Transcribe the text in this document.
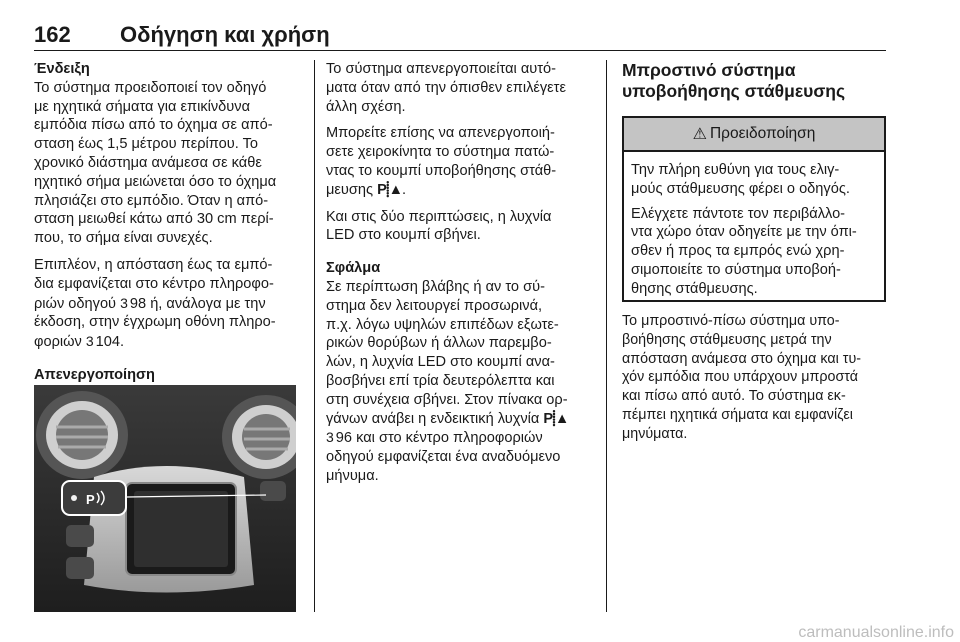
162 Οδήγηση και χρήση

Ένδειξη

Το σύστημα προειδοποιεί τον οδηγό

με ηχητικά σήματα για επικίνδυνα

εμπόδια πίσω από το όχημα σε από-

σταση έως 1,5 μέτρου περίπου. Το

χρονικό διάστημα ανάμεσα σε κάθε

ηχητικό σήμα μειώνεται όσο το όχημα

πλησιάζει στο εμπόδιο. Όταν η από-

σταση μειωθεί κάτω από 30 cm περί-

που, το σήμα είναι συνεχές.

Επιπλέον, η απόσταση έως τα εμπό-

δια εμφανίζεται στο κέντρο πληροφο-

ριών οδηγού 3 98 ή, ανάλογα με την

έκδοση, στην έγχρωμη οθόνη πληρο-

φοριών 3 104.

Απενεργοποίηση

P

Το σύστημα απενεργοποιείται αυτό-

ματα όταν από την όπισθεν επιλέγετε

άλλη σχέση.

Μπορείτε επίσης να απενεργοποιή-

σετε χειροκίνητα το σύστημα πατώ-

ντας το κουμπί υποβοήθησης στάθ-

μευσης P⸽▲.

Και στις δύο περιπτώσεις, η λυχνία

LED στο κουμπί σβήνει.

Σφάλμα

Σε περίπτωση βλάβης ή αν το σύ-

στημα δεν λειτουργεί προσωρινά,

π.χ. λόγω υψηλών επιπέδων εξωτε-

ρικών θορύβων ή άλλων παρεμβο-

λών, η λυχνία LED στο κουμπί ανα-

βοσβήνει επί τρία δευτερόλεπτα και

στη συνέχεια σβήνει. Στον πίνακα ορ-

γάνων ανάβει η ενδεικτική λυχνία P⸽▲

3 96 και στο κέντρο πληροφοριών

οδηγού εμφανίζεται ένα αναδυόμενο

μήνυμα.

Μπροστινό σύστημα

υποβοήθησης στάθμευσης

⚠ Προειδοποίηση

Την πλήρη ευθύνη για τους ελιγ-
μούς στάθμευσης φέρει ο οδηγός.

Ελέγχετε πάντοτε τον περιβάλλο-
ντα χώρο όταν οδηγείτε με την όπι-
σθεν ή προς τα εμπρός ενώ χρη-
σιμοποιείτε το σύστημα υποβοή-
θησης στάθμευσης.

Το μπροστινό-πίσω σύστημα υπο-

βοήθησης στάθμευσης μετρά την

απόσταση ανάμεσα στο όχημα και τυ-

χόν εμπόδια που υπάρχουν μπροστά

και πίσω από αυτό. Το σύστημα εκ-

πέμπει ηχητικά σήματα και εμφανίζει

μηνύματα.

carmanualsonline.info
